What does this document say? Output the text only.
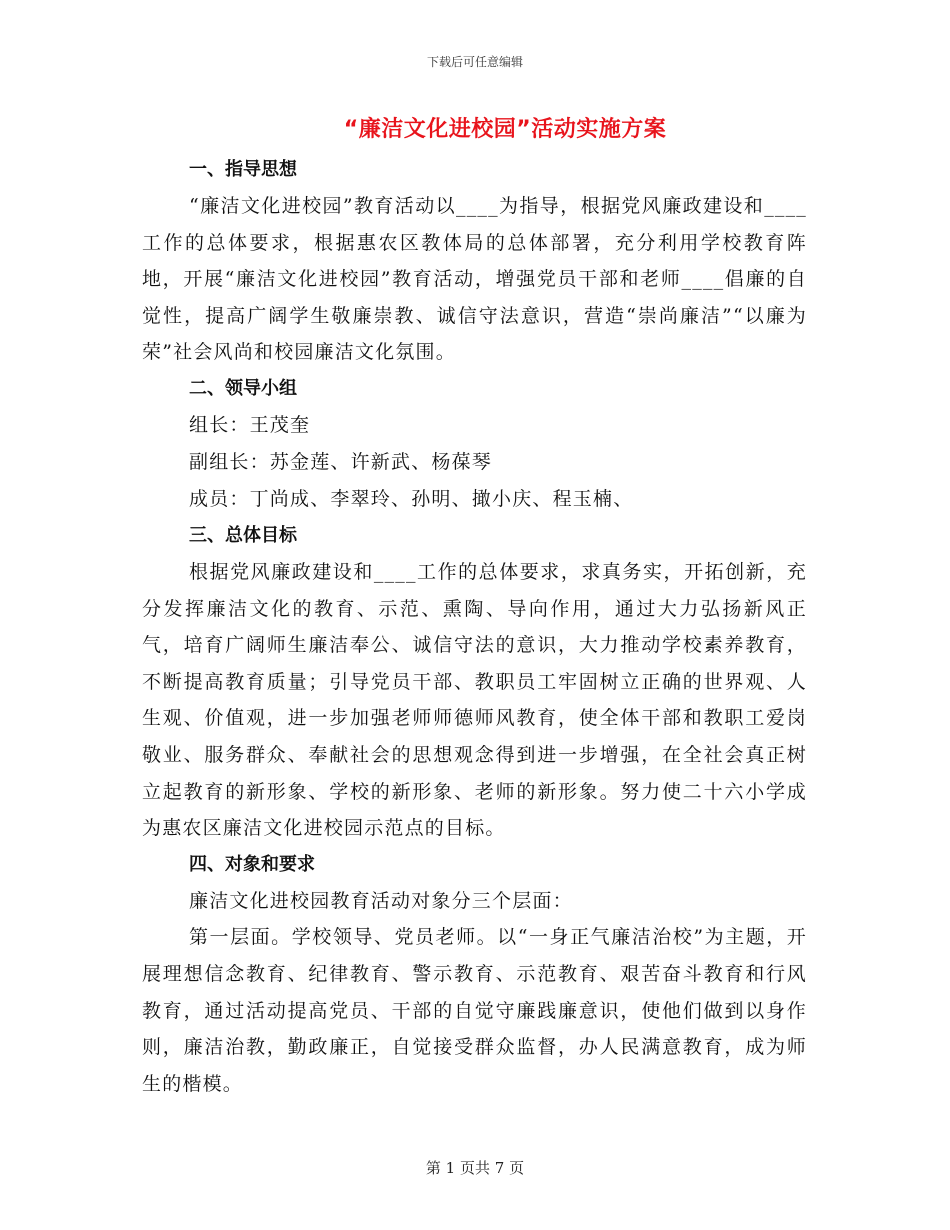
下载后可任意编辑
“廉洁文化进校园”活动实施方案
一、指导思想

“廉洁文化进校园”教育活动以____为指导，根据党风廉政建设和____工作的总体要求，根据惠农区教体局的总体部署，充分利用学校教育阵地，开展“廉洁文化进校园”教育活动，增强党员干部和老师____倡廉的自觉性，提高广阔学生敬廉崇教、诚信守法意识，营造“崇尚廉洁”“以廉为荣”社会风尚和校园廉洁文化氛围。

二、领导小组

组长：王茂奎

副组长：苏金莲、许新武、杨葆琴

成员：丁尚成、李翠玲、孙明、撖小庆、程玉楠、

三、总体目标

根据党风廉政建设和____工作的总体要求，求真务实，开拓创新，充分发挥廉洁文化的教育、示范、熏陶、导向作用，通过大力弘扬新风正气，培育广阔师生廉洁奉公、诚信守法的意识，大力推动学校素养教育，不断提高教育质量；引导党员干部、教职员工牢固树立正确的世界观、人生观、价值观，进一步加强老师师德师风教育，使全体干部和教职工爱岗敬业、服务群众、奉献社会的思想观念得到进一步增强，在全社会真正树立起教育的新形象、学校的新形象、老师的新形象。努力使二十六小学成为惠农区廉洁文化进校园示范点的目标。

四、对象和要求

廉洁文化进校园教育活动对象分三个层面：

第一层面。学校领导、党员老师。以“一身正气廉洁治校”为主题，开展理想信念教育、纪律教育、警示教育、示范教育、艰苦奋斗教育和行风教育，通过活动提高党员、干部的自觉守廉践廉意识，使他们做到以身作则，廉洁治教，勤政廉正，自觉接受群众监督，办人民满意教育，成为师生的楷模。

第 1 页共 7 页
